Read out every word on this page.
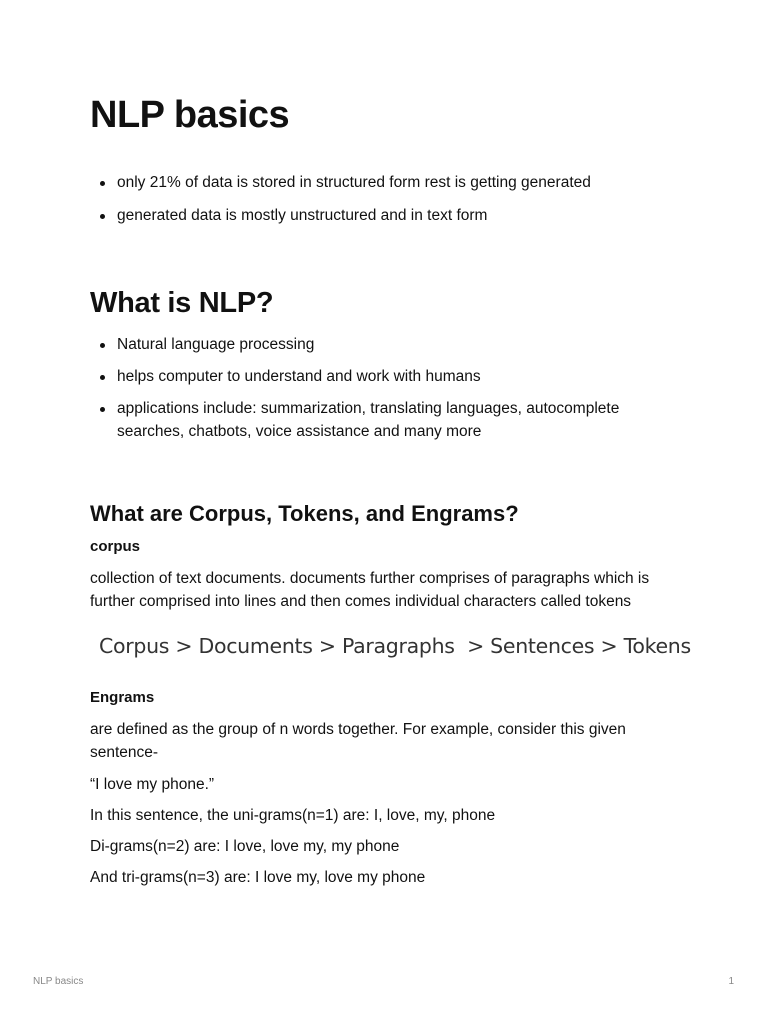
NLP basics
only 21% of data is stored in structured form rest is getting generated
generated data is mostly unstructured and in text form
What is NLP?
Natural language processing
helps computer to understand and work with humans
applications include: summarization, translating languages, autocomplete searches, chatbots, voice assistance and many more
What are Corpus, Tokens, and Engrams?

corpus

collection of text documents. documents further comprises of paragraphs which is further comprised into lines and then comes individual characters called tokens

Corpus > Documents > Paragraphs  > Sentences > Tokens

Engrams

are defined as the group of n words together. For example, consider this given sentence-

“I love my phone.”

In this sentence, the uni-grams(n=1) are: I, love, my, phone

Di-grams(n=2) are: I love, love my, my phone

And tri-grams(n=3) are: I love my, love my phone

NLP basics	1
